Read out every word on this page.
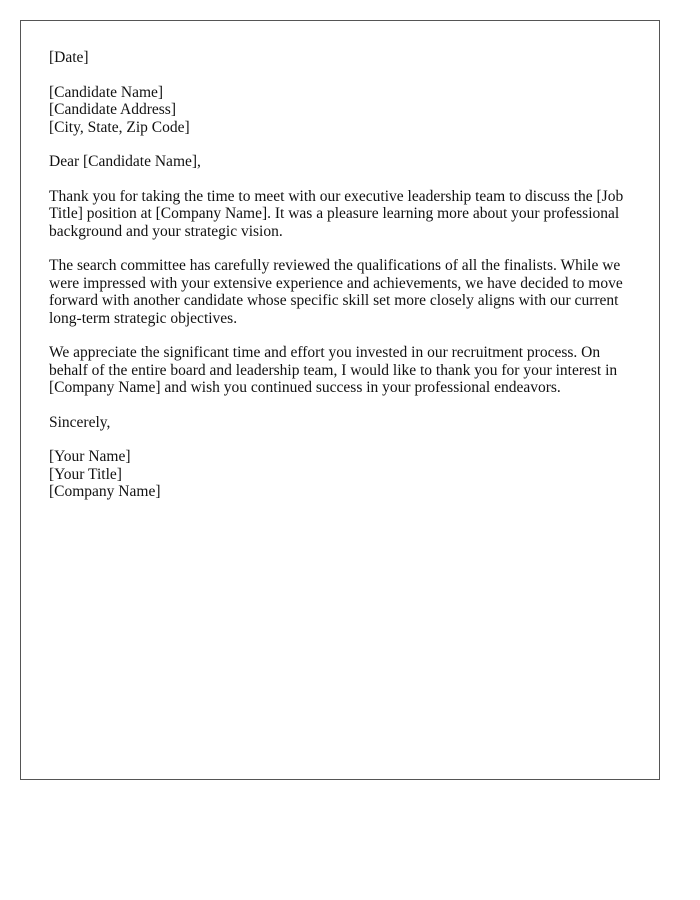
[Date]

[Candidate Name]
[Candidate Address]
[City, State, Zip Code]

Dear [Candidate Name],

Thank you for taking the time to meet with our executive leadership team to discuss the [Job Title] position at [Company Name]. It was a pleasure learning more about your professional background and your strategic vision.

The search committee has carefully reviewed the qualifications of all the finalists. While we were impressed with your extensive experience and achievements, we have decided to move forward with another candidate whose specific skill set more closely aligns with our current long-term strategic objectives.

We appreciate the significant time and effort you invested in our recruitment process. On behalf of the entire board and leadership team, I would like to thank you for your interest in [Company Name] and wish you continued success in your professional endeavors.

Sincerely,

[Your Name]
[Your Title]
[Company Name]
